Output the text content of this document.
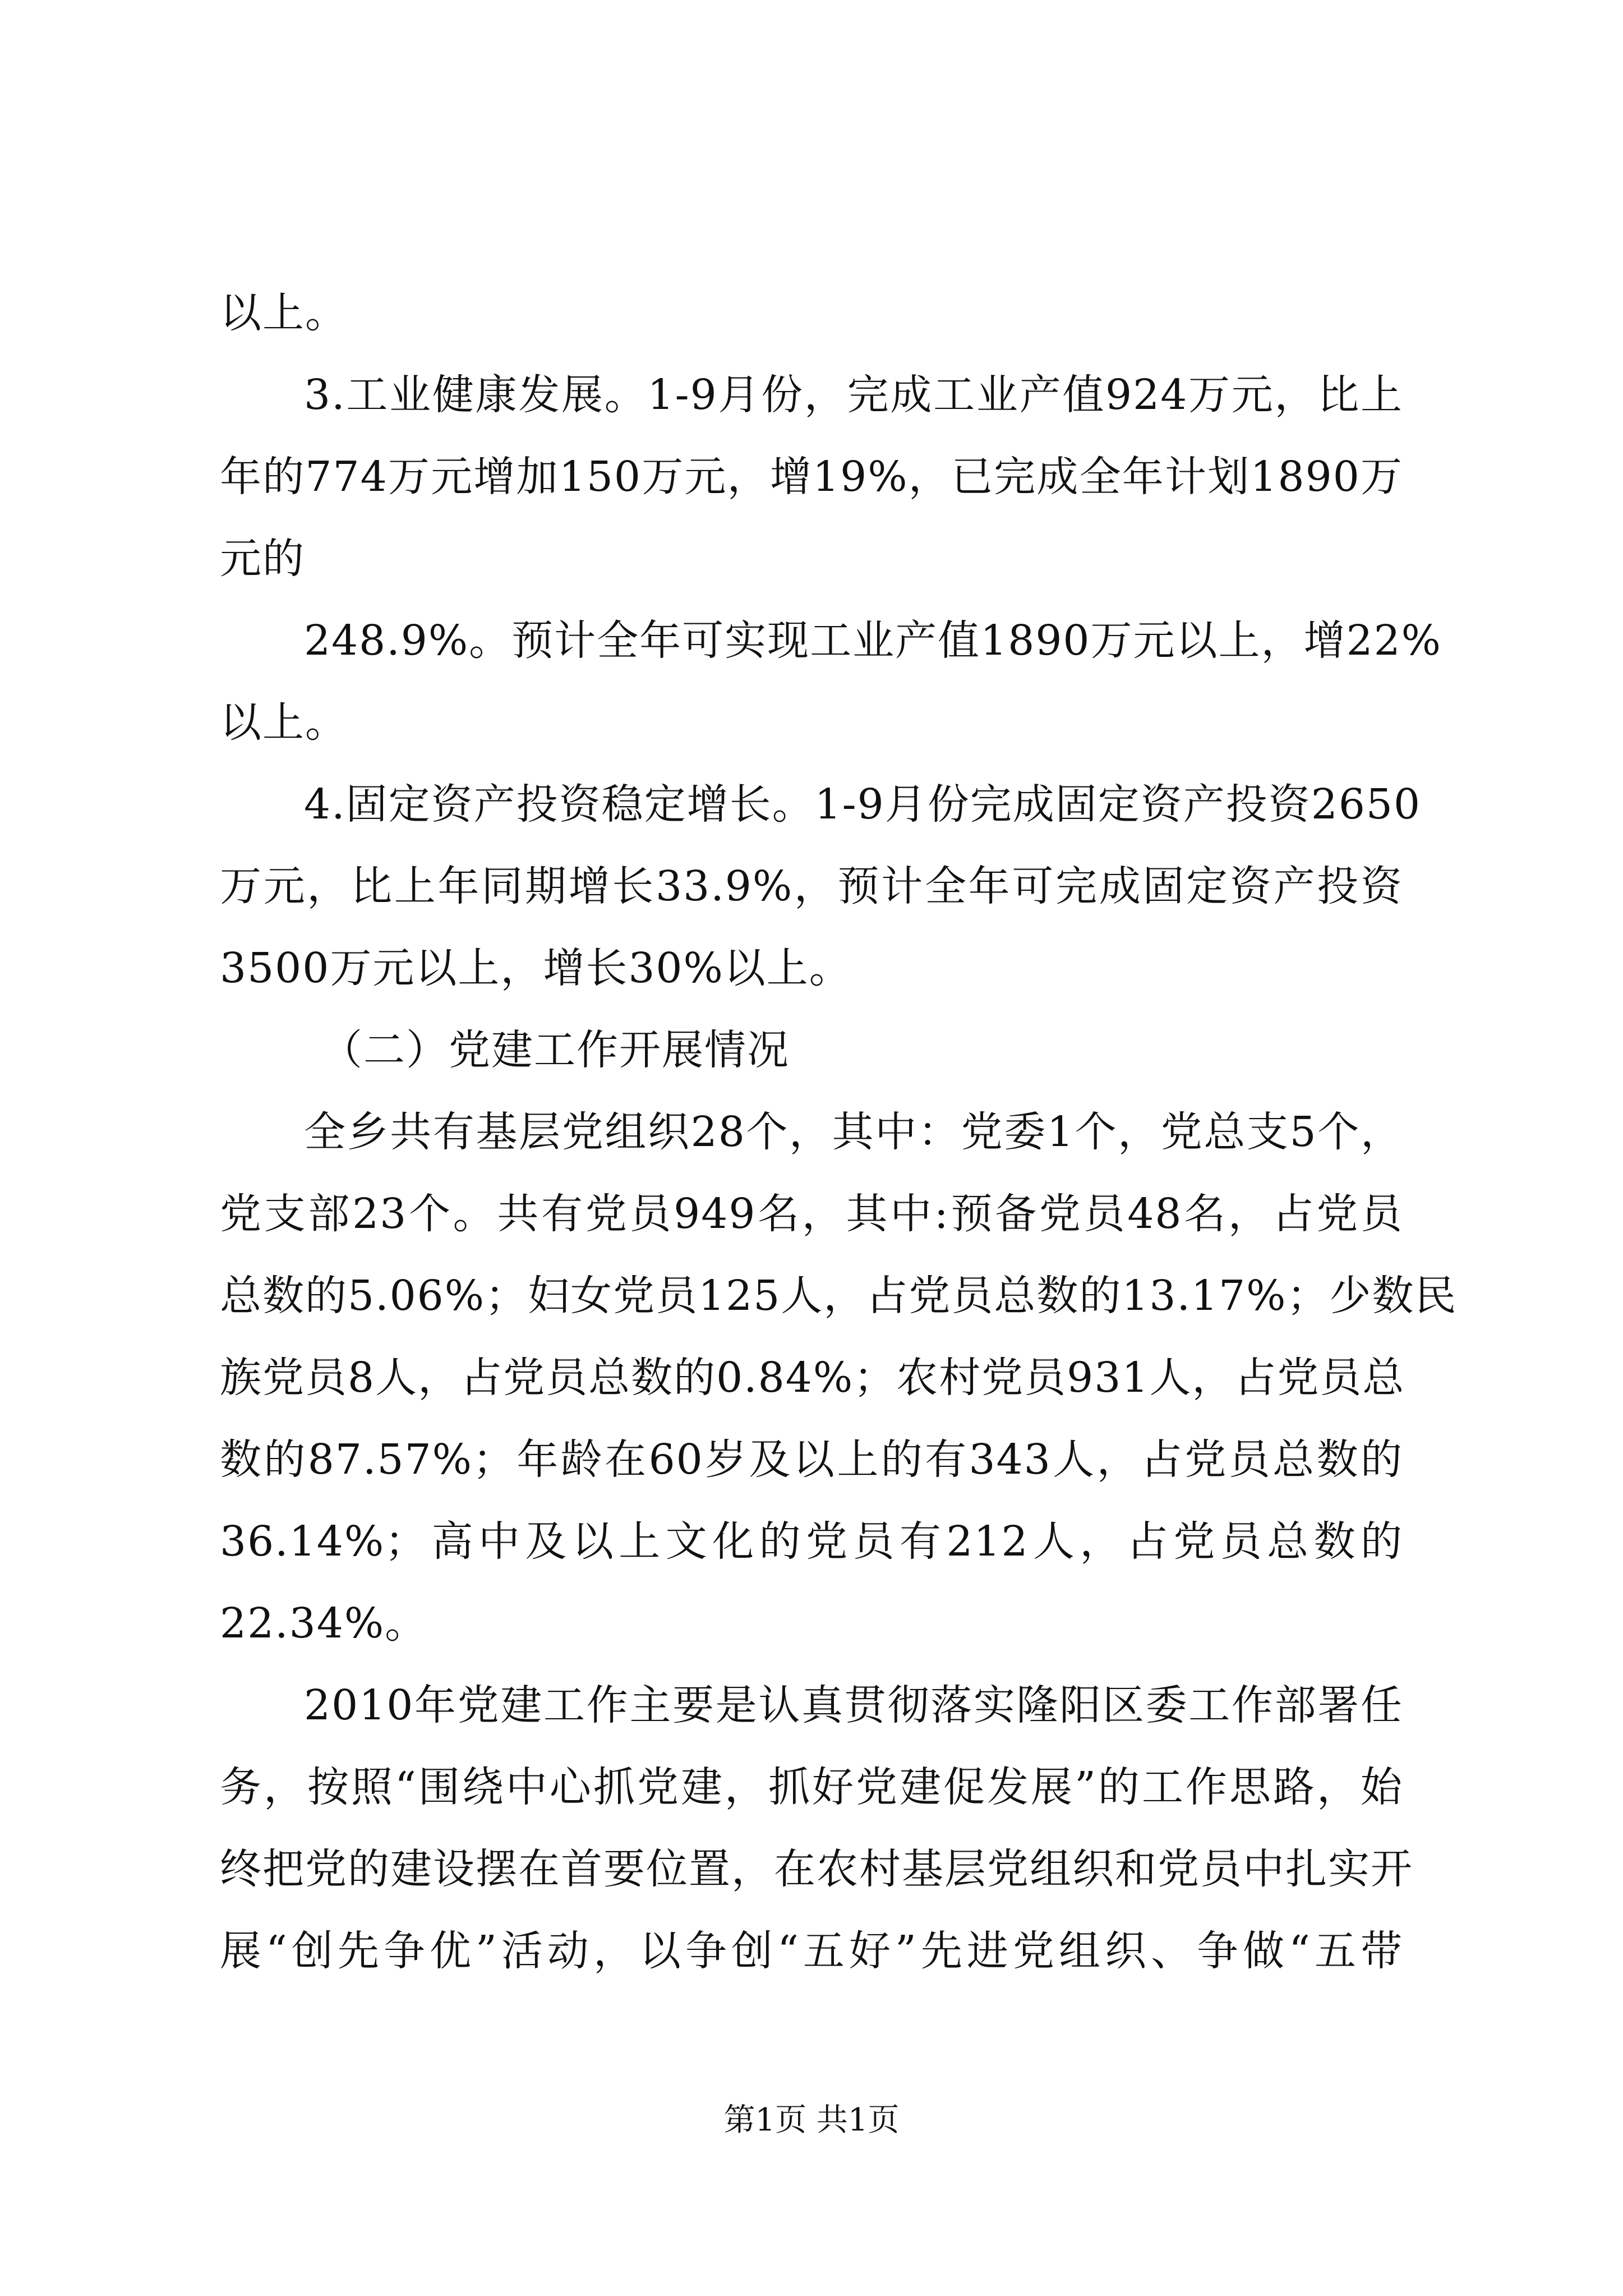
以上。
3.工业健康发展。1-9月份，完成工业产值924万元，比上
年的774万元增加150万元，增19%，已完成全年计划1890万
元的
248.9%。预计全年可实现工业产值1890万元以上，增22%
以上。
4.固定资产投资稳定增长。1-9月份完成固定资产投资2650
万元，比上年同期增长33.9%，预计全年可完成固定资产投资
3500万元以上，增长30%以上。
（二）党建工作开展情况
全乡共有基层党组织28个，其中：党委1个，党总支5个，
党支部23个。共有党员949名，其中:预备党员48名，占党员
总数的5.06%；妇女党员125人，占党员总数的13.17%；少数民
族党员8人，占党员总数的0.84%；农村党员931人，占党员总
数的87.57%；年龄在60岁及以上的有343人，占党员总数的
36.14%；高中及以上文化的党员有212人，占党员总数的
22.34%。
2010年党建工作主要是认真贯彻落实隆阳区委工作部署任
务，按照“围绕中心抓党建，抓好党建促发展”的工作思路，始
终把党的建设摆在首要位置，在农村基层党组织和党员中扎实开
展“创先争优”活动，以争创“五好”先进党组织、争做“五带
第1页 共1页
